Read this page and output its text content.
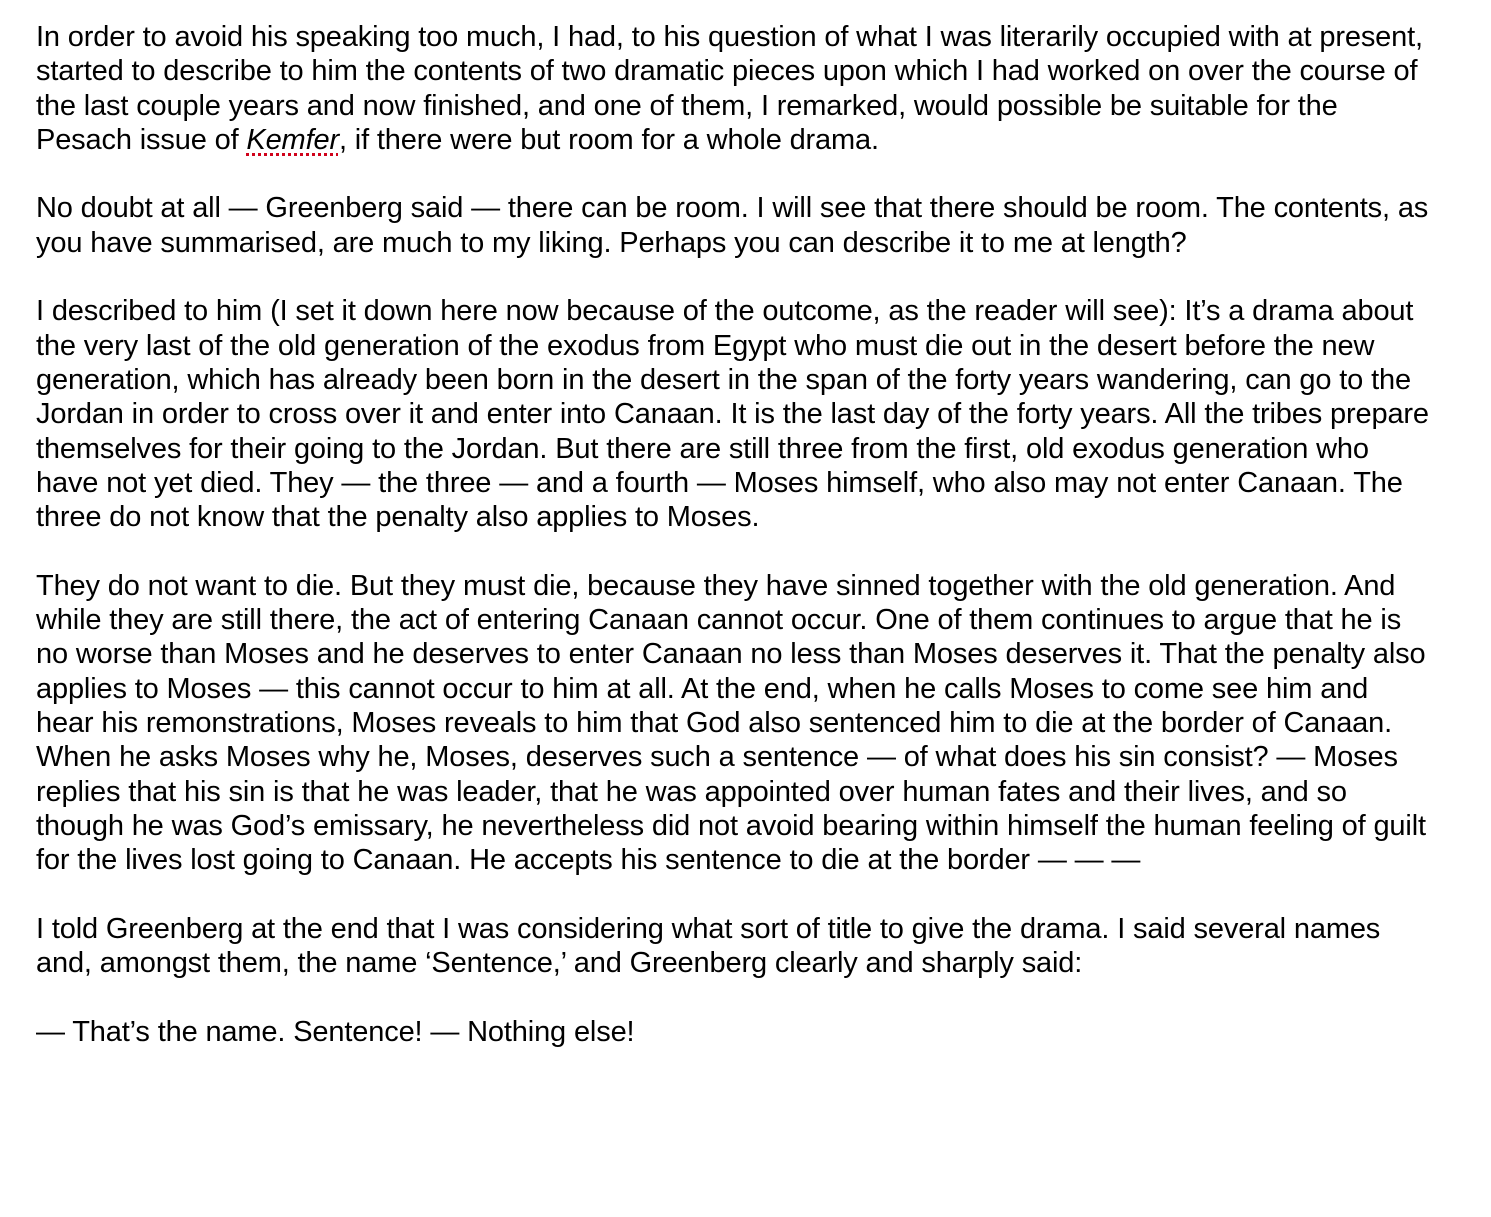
In order to avoid his speaking too much, I had, to his question of what I was literarily occupied with at present, started to describe to him the contents of two dramatic pieces upon which I had worked on over the course of the last couple years and now finished, and one of them, I remarked, would possible be suitable for the Pesach issue of Kemfer, if there were but room for a whole drama.

No doubt at all — Greenberg said — there can be room. I will see that there should be room. The contents, as you have summarised, are much to my liking. Perhaps you can describe it to me at length?

I described to him (I set it down here now because of the outcome, as the reader will see): It’s a drama about the very last of the old generation of the exodus from Egypt who must die out in the desert before the new generation, which has already been born in the desert in the span of the forty years wandering, can go to the Jordan in order to cross over it and enter into Canaan. It is the last day of the forty years. All the tribes prepare themselves for their going to the Jordan. But there are still three from the first, old exodus generation who have not yet died. They — the three — and a fourth — Moses himself, who also may not enter Canaan. The three do not know that the penalty also applies to Moses.

They do not want to die. But they must die, because they have sinned together with the old generation. And while they are still there, the act of entering Canaan cannot occur. One of them continues to argue that he is no worse than Moses and he deserves to enter Canaan no less than Moses deserves it. That the penalty also applies to Moses — this cannot occur to him at all. At the end, when he calls Moses to come see him and hear his remonstrations, Moses reveals to him that God also sentenced him to die at the border of Canaan. When he asks Moses why he, Moses, deserves such a sentence — of what does his sin consist? — Moses replies that his sin is that he was leader, that he was appointed over human fates and their lives, and so though he was God’s emissary, he nevertheless did not avoid bearing within himself the human feeling of guilt for the lives lost going to Canaan. He accepts his sentence to die at the border — — —

I told Greenberg at the end that I was considering what sort of title to give the drama. I said several names and, amongst them, the name ‘Sentence,’ and Greenberg clearly and sharply said:

— That’s the name. Sentence! — Nothing else!
